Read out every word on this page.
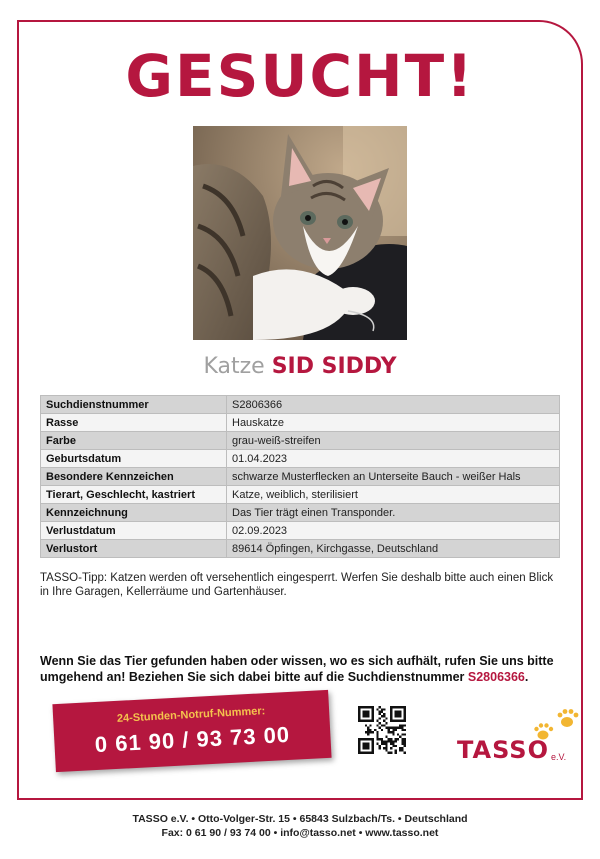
GESUCHT!
Katze SID SIDDY
Suchdienstnummer	S2806366
Rasse	Hauskatze
Farbe	grau-weiß-streifen
Geburtsdatum	01.04.2023
Besondere Kennzeichen	schwarze Musterflecken an Unterseite Bauch - weißer Hals
Tierart, Geschlecht, kastriert	Katze, weiblich, sterilisiert
Kennzeichnung	Das Tier trägt einen Transponder.
Verlustdatum	02.09.2023
Verlustort	89614 Öpfingen, Kirchgasse, Deutschland

TASSO-Tipp: Katzen werden oft versehentlich eingesperrt. Werfen Sie deshalb bitte auch einen Blick in Ihre Garagen, Kellerräume und Gartenhäuser.

Wenn Sie das Tier gefunden haben oder wissen, wo es sich aufhält, rufen Sie uns bitte umgehend an! Beziehen Sie sich dabei bitte auf die Suchdienstnummer S2806366.

24-Stunden-Notruf-Nummer:
0 61 90 / 93 73 00	TASSO e.V.
TASSO e.V. • Otto-Volger-Str. 15 • 65843 Sulzbach/Ts. • Deutschland
Fax: 0 61 90 / 93 74 00 • info@tasso.net • www.tasso.net
